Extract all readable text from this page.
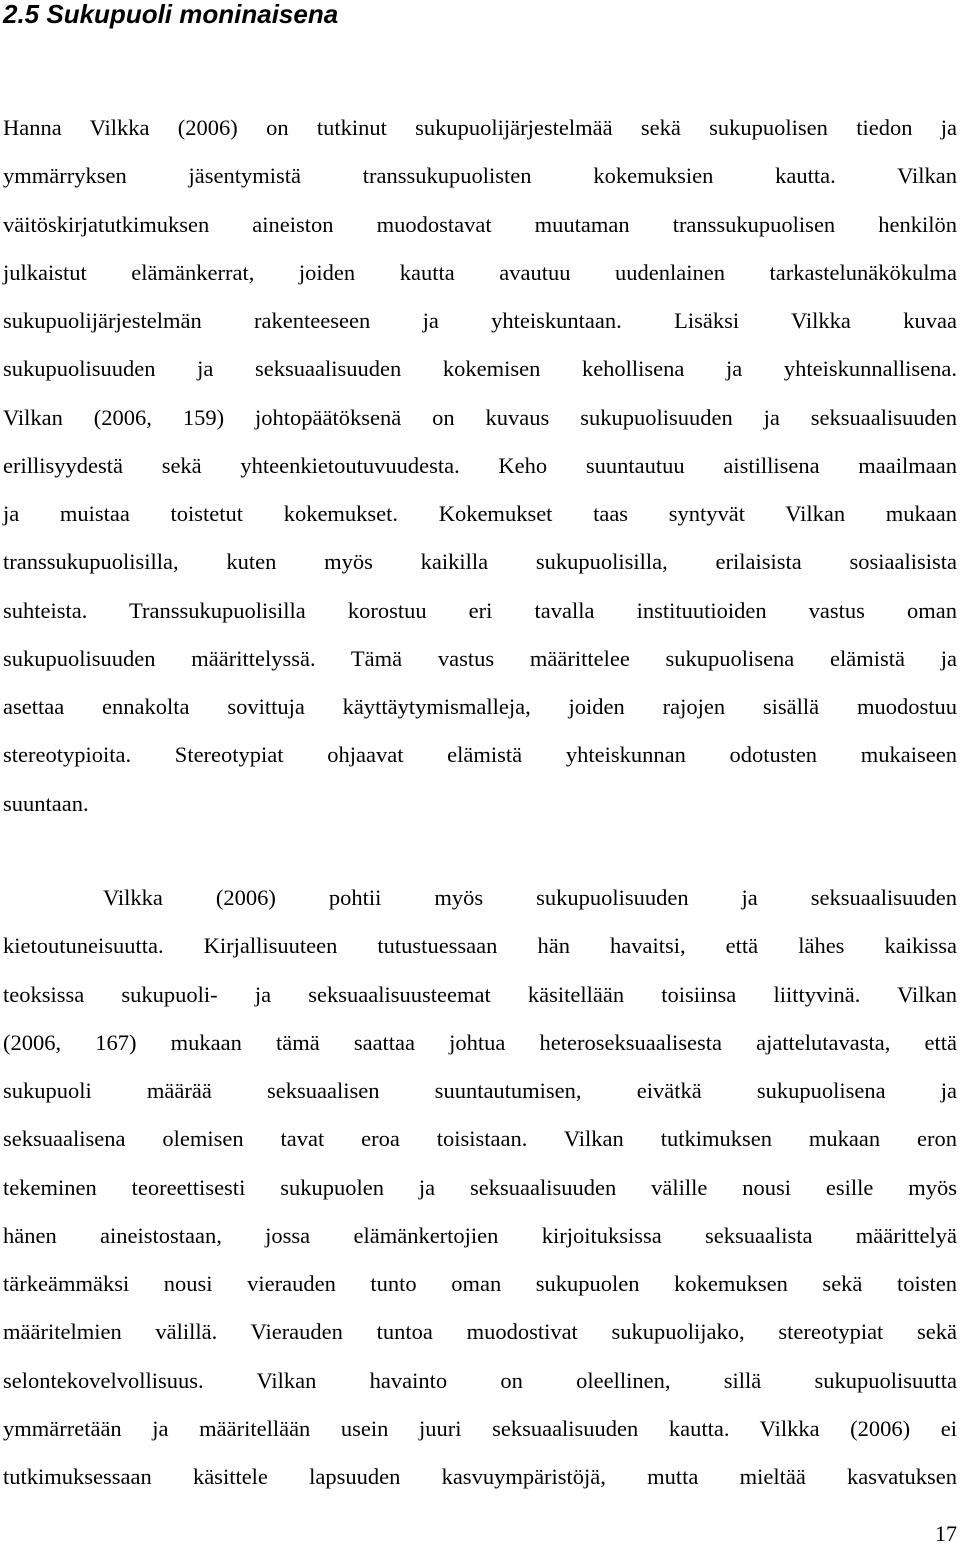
2.5 Sukupuoli moninaisena
Hanna Vilkka (2006) on tutkinut sukupuolijärjestelmää sekä sukupuolisen tiedon ja
ymmärryksen jäsentymistä transsukupuolisten kokemuksien kautta. Vilkan
väitöskirjatutkimuksen aineiston muodostavat muutaman transsukupuolisen henkilön
julkaistut elämänkerrat, joiden kautta avautuu uudenlainen tarkastelunäkökulma
sukupuolijärjestelmän rakenteeseen ja yhteiskuntaan. Lisäksi Vilkka kuvaa
sukupuolisuuden ja seksuaalisuuden kokemisen kehollisena ja yhteiskunnallisena.
Vilkan (2006, 159) johtopäätöksenä on kuvaus sukupuolisuuden ja seksuaalisuuden
erillisyydestä sekä yhteenkietoutuvuudesta. Keho suuntautuu aistillisena maailmaan
ja muistaa toistetut kokemukset. Kokemukset taas syntyvät Vilkan mukaan
transsukupuolisilla, kuten myös kaikilla sukupuolisilla, erilaisista sosiaalisista
suhteista. Transsukupuolisilla korostuu eri tavalla instituutioiden vastus oman
sukupuolisuuden määrittelyssä. Tämä vastus määrittelee sukupuolisena elämistä ja
asettaa ennakolta sovittuja käyttäytymismalleja, joiden rajojen sisällä muodostuu
stereotypioita. Stereotypiat ohjaavat elämistä yhteiskunnan odotusten mukaiseen
suuntaan.
Vilkka (2006) pohtii myös sukupuolisuuden ja seksuaalisuuden
kietoutuneisuutta. Kirjallisuuteen tutustuessaan hän havaitsi, että lähes kaikissa
teoksissa sukupuoli- ja seksuaalisuusteemat käsitellään toisiinsa liittyvinä. Vilkan
(2006, 167) mukaan tämä saattaa johtua heteroseksuaalisesta ajattelutavasta, että
sukupuoli määrää seksuaalisen suuntautumisen, eivätkä sukupuolisena ja
seksuaalisena olemisen tavat eroa toisistaan. Vilkan tutkimuksen mukaan eron
tekeminen teoreettisesti sukupuolen ja seksuaalisuuden välille nousi esille myös
hänen aineistostaan, jossa elämänkertojien kirjoituksissa seksuaalista määrittelyä
tärkeämmäksi nousi vierauden tunto oman sukupuolen kokemuksen sekä toisten
määritelmien välillä. Vierauden tuntoa muodostivat sukupuolijako, stereotypiat sekä
selontekovelvollisuus. Vilkan havainto on oleellinen, sillä sukupuolisuutta
ymmärretään ja määritellään usein juuri seksuaalisuuden kautta. Vilkka (2006) ei
tutkimuksessaan käsittele lapsuuden kasvuympäristöjä, mutta mieltää kasvatuksen
17
